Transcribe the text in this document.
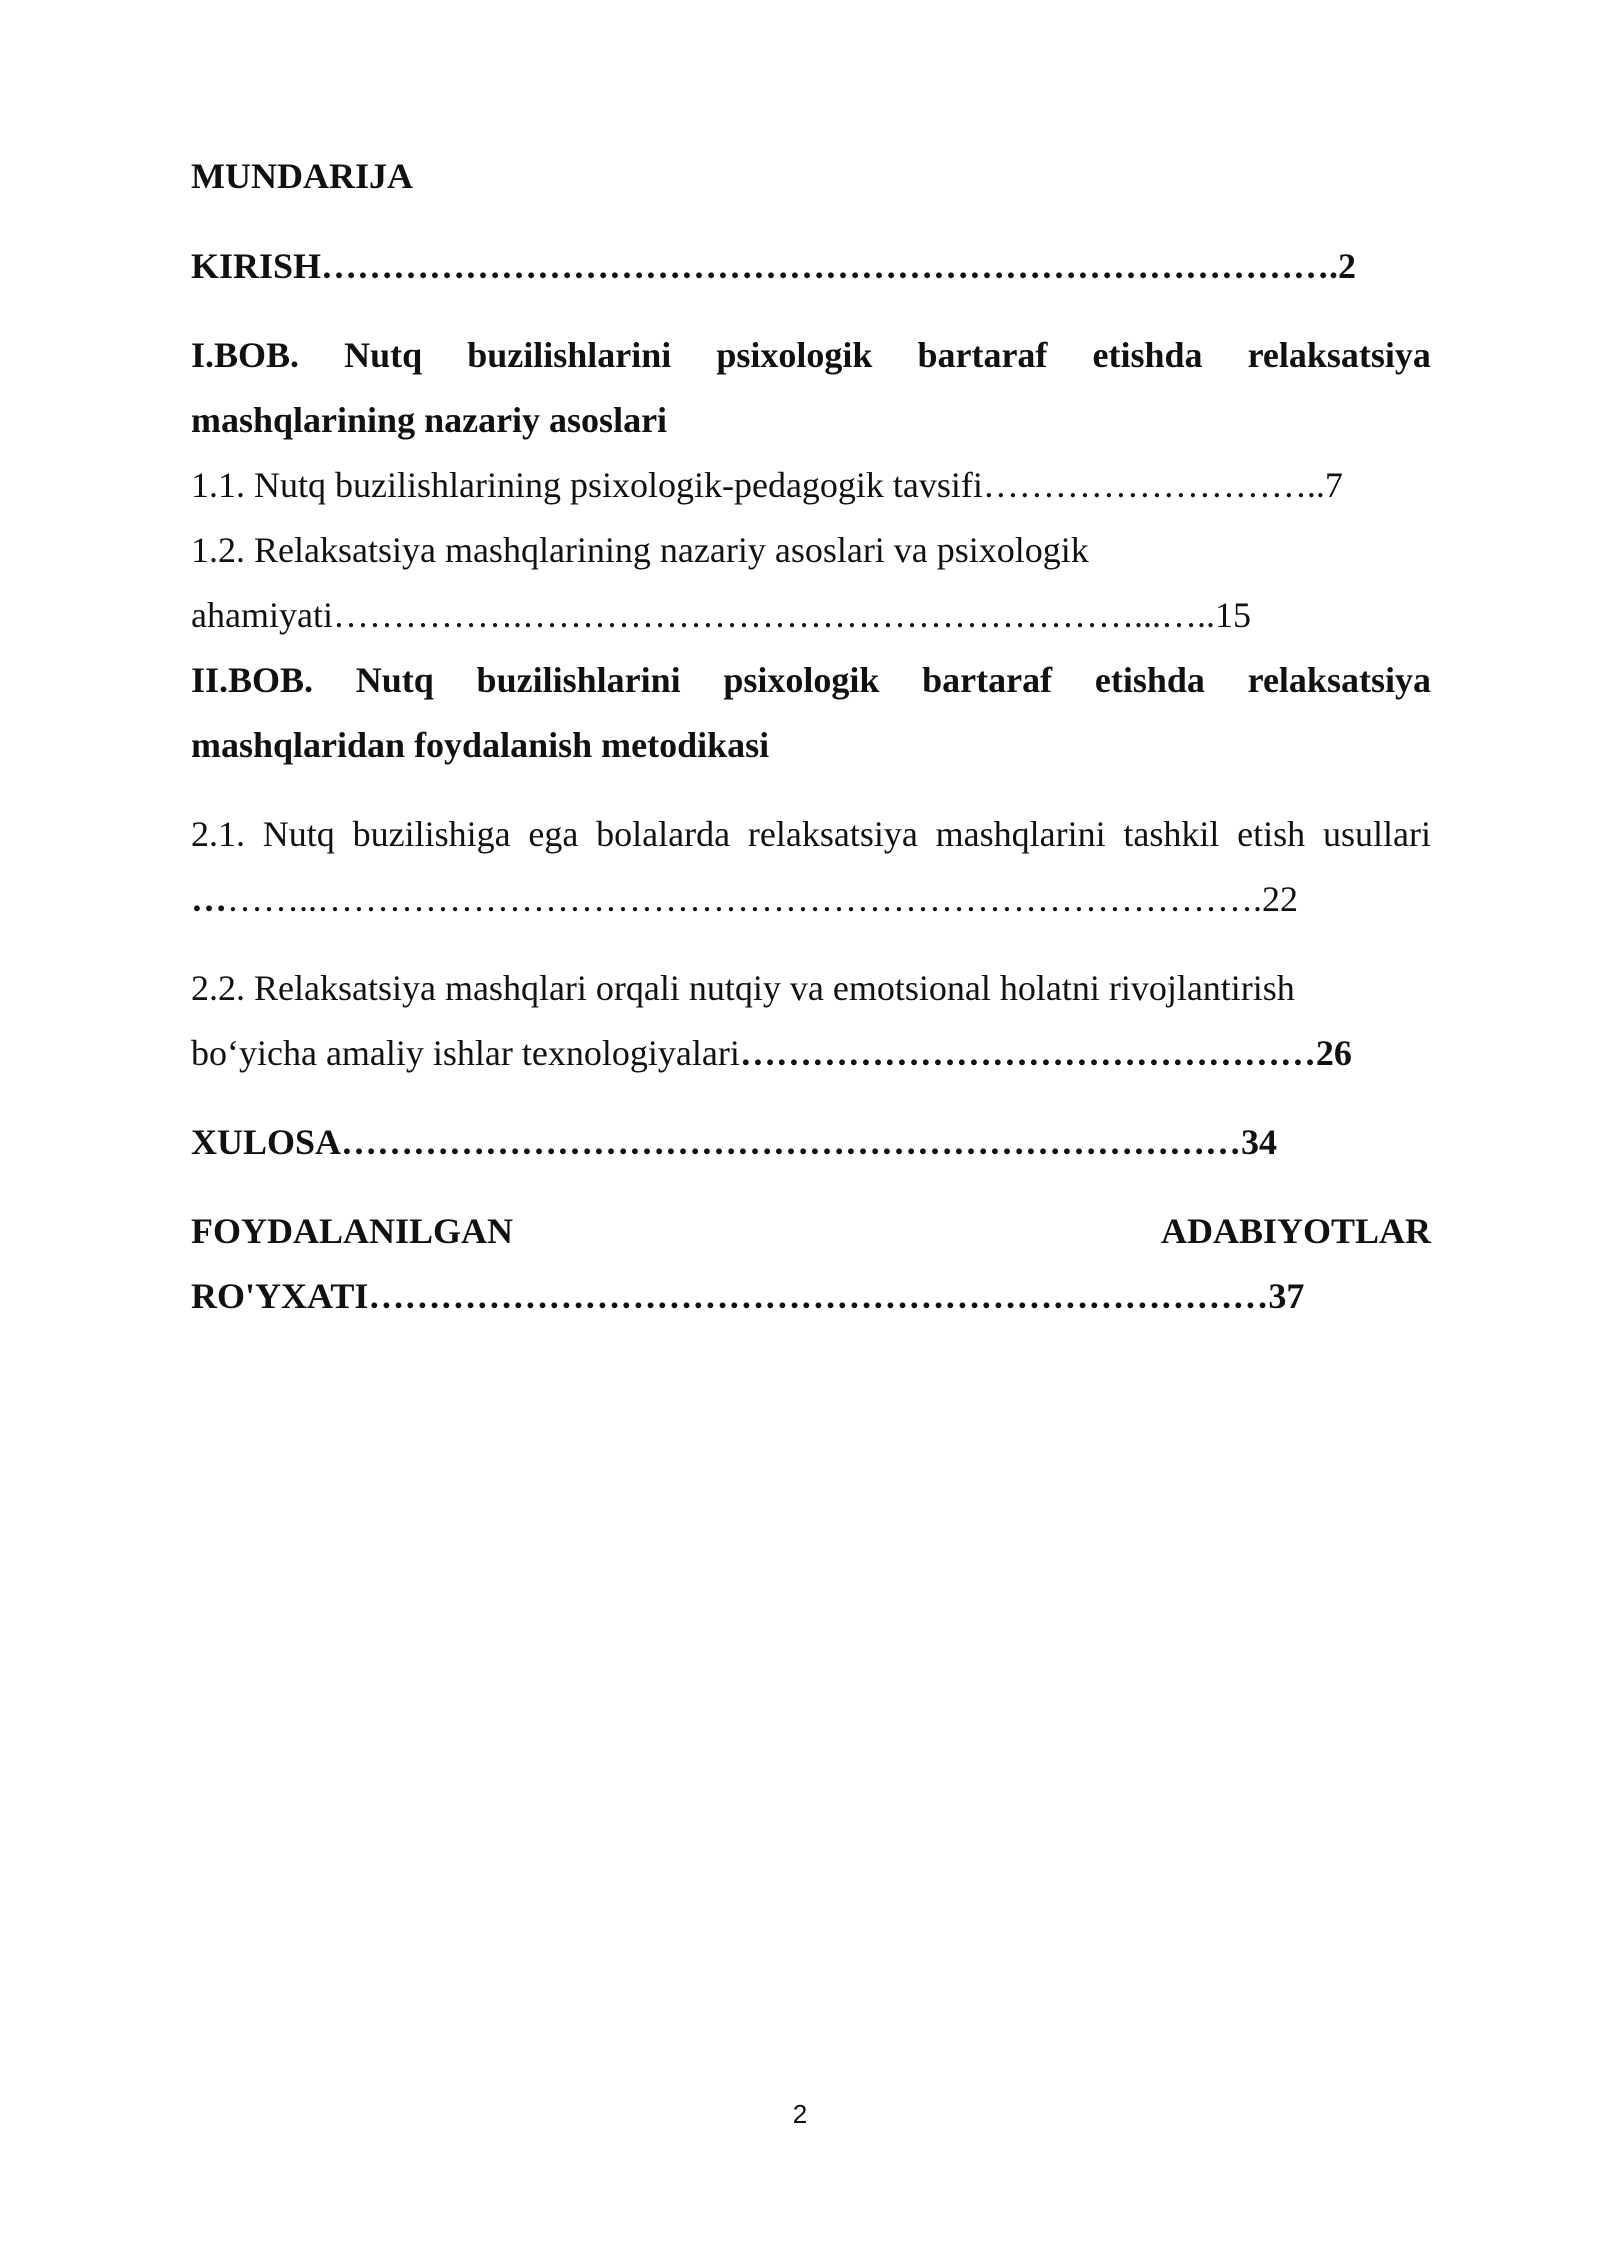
MUNDARIJA
KIRISH………………………………………………………………………….2
I.BOB. Nutq buzilishlarini psixologik bartaraf etishda relaksatsiya
mashqlarining nazariy asoslari
1.1. Nutq buzilishlarining psixologik-pedagogik tavsifi………………………..7
1.2. Relaksatsiya mashqlarining nazariy asoslari va psixologik
ahamiyati…………….……………………………………………...…..15
II.BOB. Nutq buzilishlarini psixologik bartaraf etishda relaksatsiya
mashqlaridan foydalanish metodikasi
2.1. Nutq buzilishiga ega bolalarda relaksatsiya mashqlarini tashkil etish usullari
………..…………………………………………………………………….22
2.2. Relaksatsiya mashqlari orqali nutqiy va emotsional holatni rivojlantirish
bo‘yicha amaliy ishlar texnologiyalari…………………………………………26
XULOSA…………………………………………………………………34
FOYDALANILGAN	ADABIYOTLAR
RO'YXATI…………………………………………………………………37
2
